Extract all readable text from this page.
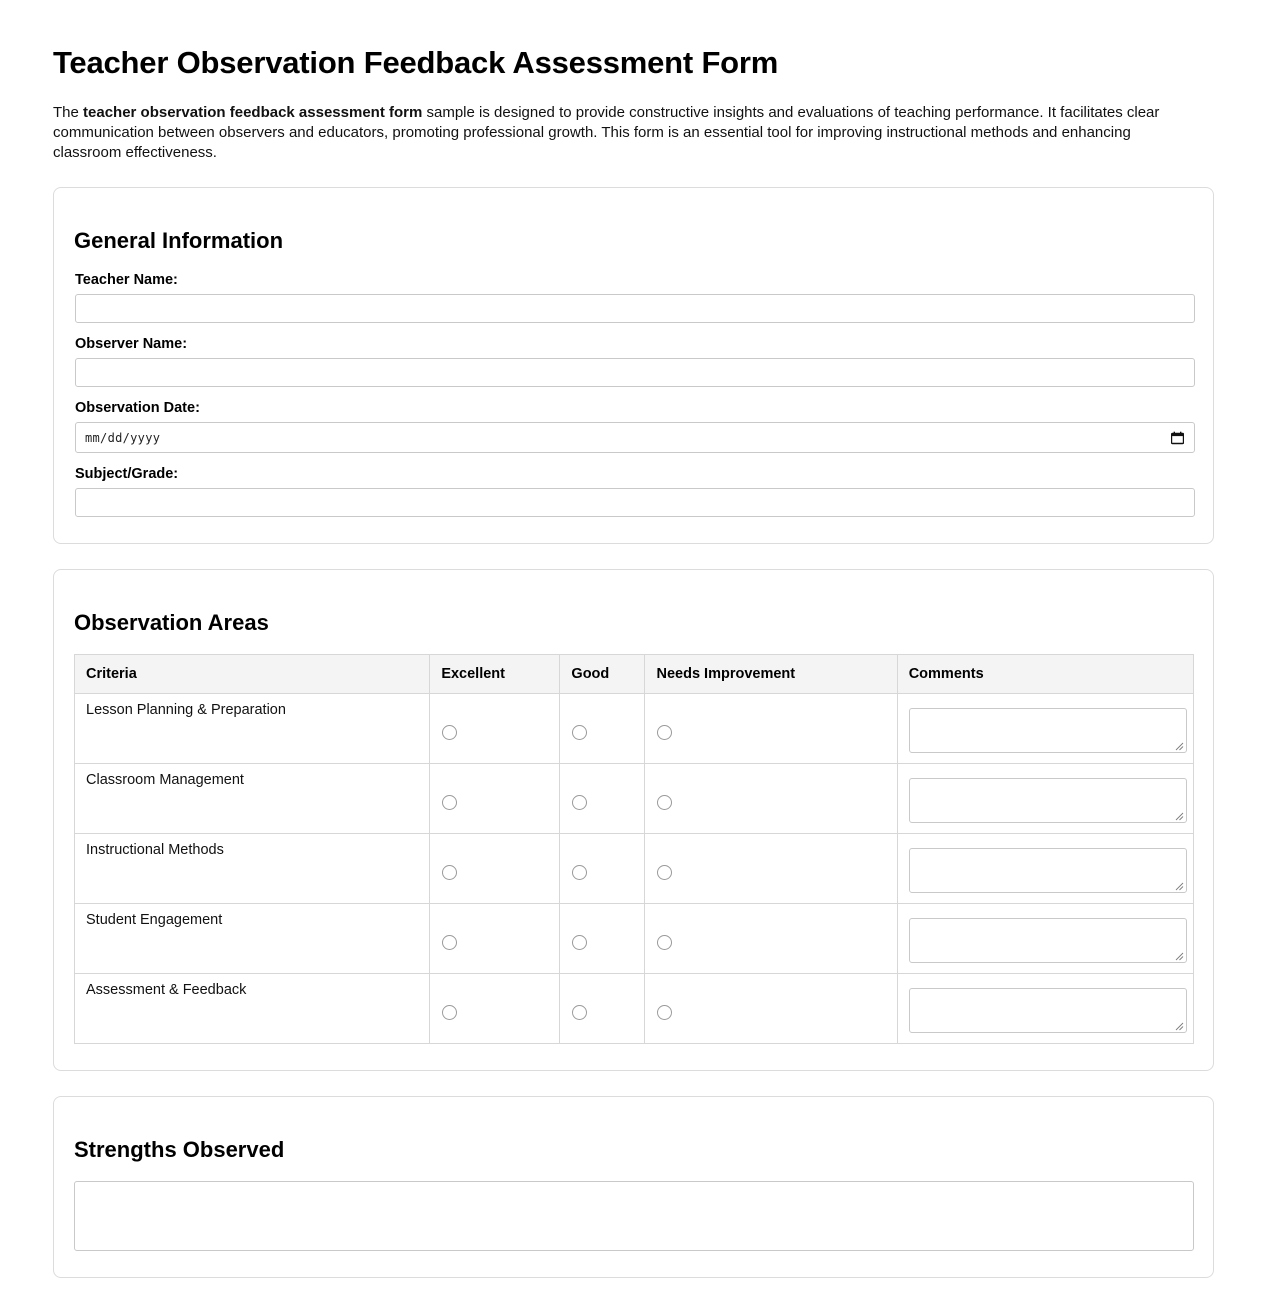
Teacher Observation Feedback Assessment Form

The teacher observation feedback assessment form sample is designed to provide constructive insights and evaluations of teaching performance. It facilitates clear communication between observers and educators, promoting professional growth. This form is an essential tool for improving instructional methods and enhancing classroom effectiveness.

General Information
Teacher Name:
Observer Name:
Observation Date:
mm/dd/yyyy
Subject/Grade:
Observation Areas
Criteria	Excellent	Good	Needs Improvement	Comments
Lesson Planning & Preparation	

Classroom Management	

Instructional Methods	

Student Engagement	

Assessment & Feedback	

Strengths Observed
